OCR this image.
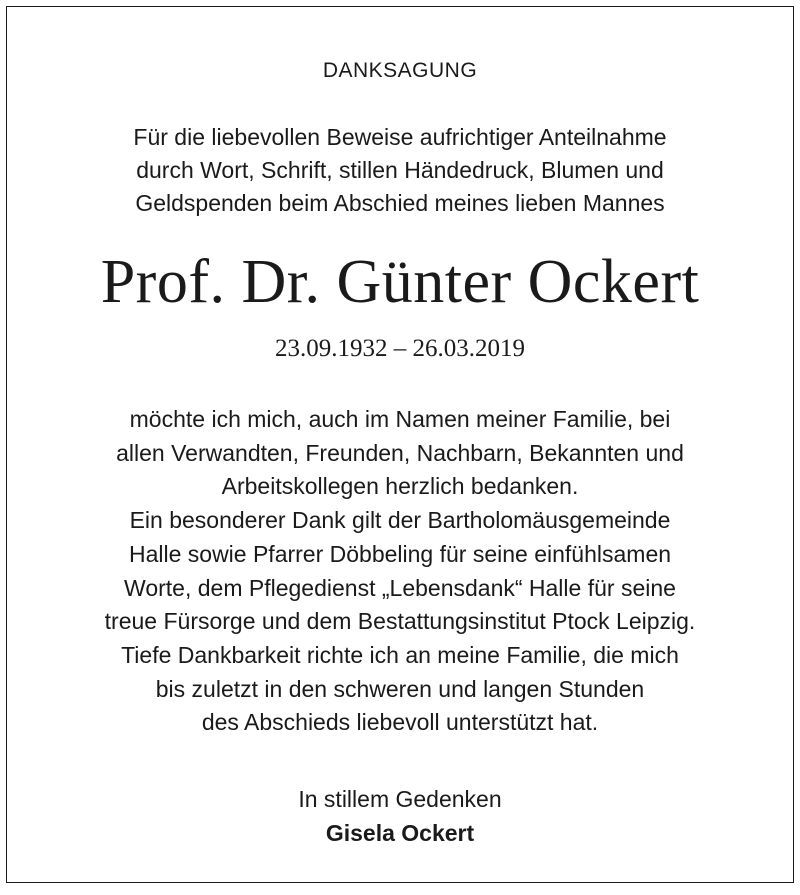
DANKSAGUNG
Für die liebevollen Beweise aufrichtiger Anteilnahme
durch Wort, Schrift, stillen Händedruck, Blumen und
Geldspenden beim Abschied meines lieben Mannes
Prof. Dr. Günter Ockert
23.09.1932 – 26.03.2019
möchte ich mich, auch im Namen meiner Familie, bei
allen Verwandten, Freunden, Nachbarn, Bekannten und
Arbeitskollegen herzlich bedanken.
Ein besonderer Dank gilt der Bartholomäusgemeinde
Halle sowie Pfarrer Döbbeling für seine einfühlsamen
Worte, dem Pflegedienst „Lebensdank“ Halle für seine
treue Fürsorge und dem Bestattungsinstitut Ptock Leipzig.
Tiefe Dankbarkeit richte ich an meine Familie, die mich
bis zuletzt in den schweren und langen Stunden
des Abschieds liebevoll unterstützt hat.
In stillem Gedenken
Gisela Ockert
